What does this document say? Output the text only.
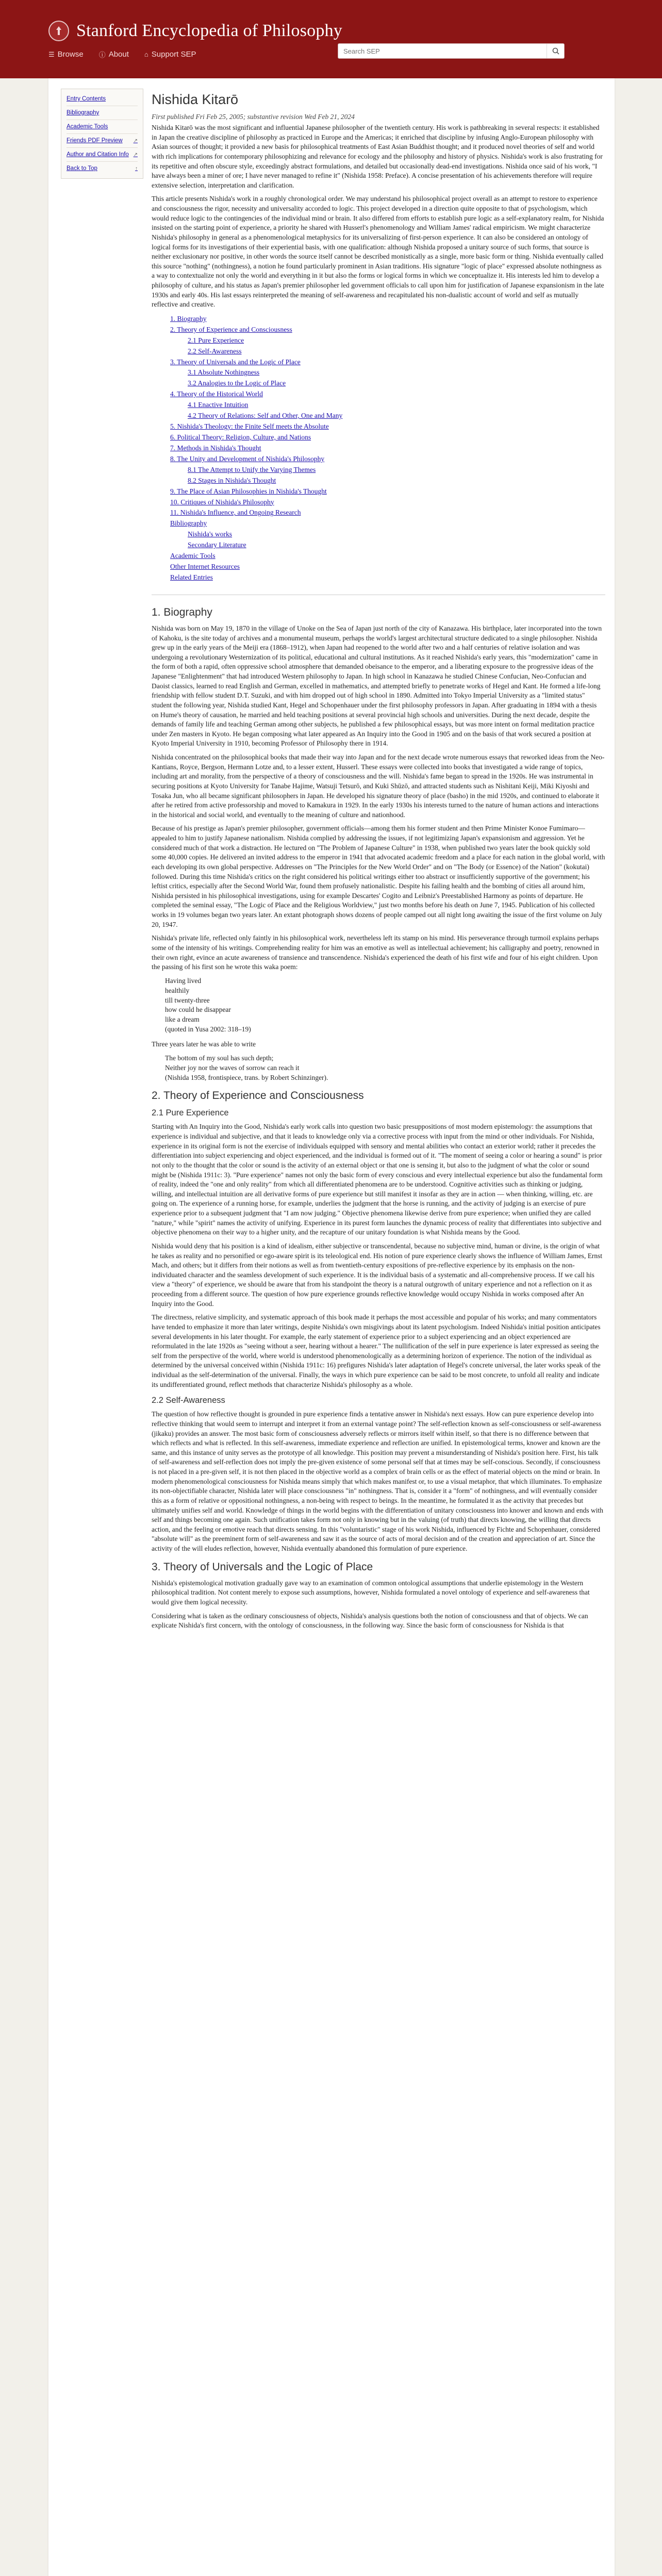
Stanford Encyclopedia of Philosophy
☰ Browse ⓘ About ⌂ Support SEP
Search SEP
Entry Contents
Bibliography
Academic Tools
Friends PDF Preview ↗
Author and Citation Info ↗
Back to Top	↑
Nishida Kitarō
First published Fri Feb 25, 2005; substantive revision Wed Feb 21, 2024

Nishida Kitarō was the most significant and influential Japanese philosopher of the twentieth century. His work is pathbreaking in several respects: it established in Japan the creative discipline of philosophy as practiced in Europe and the Americas; it enriched that discipline by infusing Anglo-European philosophy with Asian sources of thought; it provided a new basis for philosophical treatments of East Asian Buddhist thought; and it produced novel theories of self and world with rich implications for contemporary philosophizing and relevance for ecology and the philosophy and history of physics. Nishida's work is also frustrating for its repetitive and often obscure style, exceedingly abstract formulations, and detailed but occasionally dead-end investigations. Nishida once said of his work, "I have always been a miner of ore; I have never managed to refine it" (Nishida 1958: Preface). A concise presentation of his achievements therefore will require extensive selection, interpretation and clarification.

This article presents Nishida's work in a roughly chronological order. We may understand his philosophical project overall as an attempt to restore to experience and consciousness the rigor, necessity and universality accorded to logic. This project developed in a direction quite opposite to that of psychologism, which would reduce logic to the contingencies of the individual mind or brain. It also differed from efforts to establish pure logic as a self-explanatory realm, for Nishida insisted on the starting point of experience, a priority he shared with Husserl's phenomenology and William James' radical empiricism. We might characterize Nishida's philosophy in general as a phenomenological metaphysics for its universalizing of first-person experience. It can also be considered an ontology of logical forms for its investigations of their experiential basis, with one qualification: although Nishida proposed a unitary source of such forms, that source is neither exclusionary nor positive, in other words the source itself cannot be described monistically as a single, more basic form or thing. Nishida eventually called this source "nothing" (nothingness), a notion he found particularly prominent in Asian traditions. His signature "logic of place" expressed absolute nothingness as a way to contextualize not only the world and everything in it but also the forms or logical forms in which we conceptualize it. His interests led him to develop a philosophy of culture, and his status as Japan's premier philosopher led government officials to call upon him for justification of Japanese expansionism in the late 1930s and early 40s. His last essays reinterpreted the meaning of self-awareness and recapitulated his non-dualistic account of world and self as mutually reflective and creative.

1. Biography
2. Theory of Experience and Consciousness
2.1 Pure Experience
2.2 Self-Awareness
3. Theory of Universals and the Logic of Place
3.1 Absolute Nothingness
3.2 Analogies to the Logic of Place
4. Theory of the Historical World
4.1 Enactive Intuition
4.2 Theory of Relations: Self and Other, One and Many
5. Nishida's Theology: the Finite Self meets the Absolute
6. Political Theory: Religion, Culture, and Nations
7. Methods in Nishida's Thought
8. The Unity and Development of Nishida's Philosophy
8.1 The Attempt to Unify the Varying Themes
8.2 Stages in Nishida's Thought
9. The Place of Asian Philosophies in Nishida's Thought
10. Critiques of Nishida's Philosophy
11. Nishida's Influence, and Ongoing Research
Bibliography
Nishida's works
Secondary Literature
Academic Tools
Other Internet Resources
Related Entries
1. Biography

Nishida was born on May 19, 1870 in the village of Unoke on the Sea of Japan just north of the city of Kanazawa. His birthplace, later incorporated into the town of Kahoku, is the site today of archives and a monumental museum, perhaps the world's largest architectural structure dedicated to a single philosopher. Nishida grew up in the early years of the Meiji era (1868–1912), when Japan had reopened to the world after two and a half centuries of relative isolation and was undergoing a revolutionary Westernization of its political, educational and cultural institutions. As it reached Nishida's early years, this "modernization" came in the form of both a rapid, often oppressive school atmosphere that demanded obeisance to the emperor, and a liberating exposure to the progressive ideas of the Japanese "Enlightenment" that had introduced Western philosophy to Japan. In high school in Kanazawa he studied Chinese Confucian, Neo-Confucian and Daoist classics, learned to read English and German, excelled in mathematics, and attempted briefly to penetrate works of Hegel and Kant. He formed a life-long friendship with fellow student D.T. Suzuki, and with him dropped out of high school in 1890. Admitted into Tokyo Imperial University as a "limited status" student the following year, Nishida studied Kant, Hegel and Schopenhauer under the first philosophy professors in Japan. After graduating in 1894 with a thesis on Hume's theory of causation, he married and held teaching positions at several provincial high schools and universities. During the next decade, despite the demands of family life and teaching German among other subjects, he published a few philosophical essays, but was more intent on formal meditation practice under Zen masters in Kyoto. He began composing what later appeared as An Inquiry into the Good in 1905 and on the basis of that work secured a position at Kyoto Imperial University in 1910, becoming Professor of Philosophy there in 1914.

Nishida concentrated on the philosophical books that made their way into Japan and for the next decade wrote numerous essays that reworked ideas from the Neo-Kantians, Royce, Bergson, Hermann Lotze and, to a lesser extent, Husserl. These essays were collected into books that investigated a wide range of topics, including art and morality, from the perspective of a theory of consciousness and the will. Nishida's fame began to spread in the 1920s. He was instrumental in securing positions at Kyoto University for Tanabe Hajime, Watsuji Tetsurō, and Kuki Shūzō, and attracted students such as Nishitani Keiji, Miki Kiyoshi and Tosaka Jun, who all became significant philosophers in Japan. He developed his signature theory of place (basho) in the mid 1920s, and continued to elaborate it after he retired from active professorship and moved to Kamakura in 1929. In the early 1930s his interests turned to the nature of human actions and interactions in the historical and social world, and eventually to the meaning of culture and nationhood.

Because of his prestige as Japan's premier philosopher, government officials—among them his former student and then Prime Minister Konoe Fumimaro—appealed to him to justify Japanese nationalism. Nishida complied by addressing the issues, if not legitimizing Japan's expansionism and aggression. Yet he considered much of that work a distraction. He lectured on "The Problem of Japanese Culture" in 1938, when published two years later the book quickly sold some 40,000 copies. He delivered an invited address to the emperor in 1941 that advocated academic freedom and a place for each nation in the global world, with each developing its own global perspective. Addresses on "The Principles for the New World Order" and on "The Body (or Essence) of the Nation" (kokutai) followed. During this time Nishida's critics on the right considered his political writings either too abstract or insufficiently supportive of the government; his leftist critics, especially after the Second World War, found them profusely nationalistic. Despite his failing health and the bombing of cities all around him, Nishida persisted in his philosophical investigations, using for example Descartes' Cogito and Leibniz's Preestablished Harmony as points of departure. He completed the seminal essay, "The Logic of Place and the Religious Worldview," just two months before his death on June 7, 1945. Publication of his collected works in 19 volumes began two years later. An extant photograph shows dozens of people camped out all night long awaiting the issue of the first volume on July 20, 1947.

Nishida's private life, reflected only faintly in his philosophical work, nevertheless left its stamp on his mind. His perseverance through turmoil explains perhaps some of the intensity of his writings. Comprehending reality for him was an emotive as well as intellectual achievement; his calligraphy and poetry, renowned in their own right, evince an acute awareness of transience and transcendence. Nishida's experienced the death of his first wife and four of his eight children. Upon the passing of his first son he wrote this waka poem:

Having lived
healthily
till twenty-three
how could he disappear
like a dream
(quoted in Yusa 2002: 318–19)

Three years later he was able to write

The bottom of my soul has such depth;
Neither joy nor the waves of sorrow can reach it
(Nishida 1958, frontispiece, trans. by Robert Schinzinger).
2. Theory of Experience and Consciousness
2.1 Pure Experience

Starting with An Inquiry into the Good, Nishida's early work calls into question two basic presuppositions of most modern epistemology: the assumptions that experience is individual and subjective, and that it leads to knowledge only via a corrective process with input from the mind or other individuals. For Nishida, experience in its original form is not the exercise of individuals equipped with sensory and mental abilities who contact an exterior world; rather it precedes the differentiation into subject experiencing and object experienced, and the individual is formed out of it. "The moment of seeing a color or hearing a sound" is prior not only to the thought that the color or sound is the activity of an external object or that one is sensing it, but also to the judgment of what the color or sound might be (Nishida 1911c: 3). "Pure experience" names not only the basic form of every conscious and every intellectual experience but also the fundamental form of reality, indeed the "one and only reality" from which all differentiated phenomena are to be understood. Cognitive activities such as thinking or judging, willing, and intellectual intuition are all derivative forms of pure experience but still manifest it insofar as they are in action — when thinking, willing, etc. are going on. The experience of a running horse, for example, underlies the judgment that the horse is running, and the activity of judging is an exercise of pure experience prior to a subsequent judgment that "I am now judging." Objective phenomena likewise derive from pure experience; when unified they are called "nature," while "spirit" names the activity of unifying. Experience in its purest form launches the dynamic process of reality that differentiates into subjective and objective phenomena on their way to a higher unity, and the recapture of our unitary foundation is what Nishida means by the Good.

Nishida would deny that his position is a kind of idealism, either subjective or transcendental, because no subjective mind, human or divine, is the origin of what he takes as reality and no personified or ego-aware spirit is its teleological end. His notion of pure experience clearly shows the influence of William James, Ernst Mach, and others; but it differs from their notions as well as from twentieth-century expositions of pre-reflective experience by its emphasis on the non-individuated character and the seamless development of such experience. It is the individual basis of a systematic and all-comprehensive process. If we call his view a "theory" of experience, we should be aware that from his standpoint the theory is a natural outgrowth of unitary experience and not a reflection on it as proceeding from a different source. The question of how pure experience grounds reflective knowledge would occupy Nishida in works composed after An Inquiry into the Good.

The directness, relative simplicity, and systematic approach of this book made it perhaps the most accessible and popular of his works; and many commentators have tended to emphasize it more than later writings, despite Nishida's own misgivings about its latent psychologism. Indeed Nishida's initial position anticipates several developments in his later thought. For example, the early statement of experience prior to a subject experiencing and an object experienced are reformulated in the late 1920s as "seeing without a seer, hearing without a hearer." The nullification of the self in pure experience is later expressed as seeing the self from the perspective of the world, where world is understood phenomenologically as a determining horizon of experience. The notion of the individual as determined by the universal conceived within (Nishida 1911c: 16) prefigures Nishida's later adaptation of Hegel's concrete universal, the later works speak of the individual as the self-determination of the universal. Finally, the ways in which pure experience can be said to be most concrete, to unfold all reality and indicate its undifferentiated ground, reflect methods that characterize Nishida's philosophy as a whole.

2.2 Self-Awareness

The question of how reflective thought is grounded in pure experience finds a tentative answer in Nishida's next essays. How can pure experience develop into reflective thinking that would seem to interrupt and interpret it from an external vantage point? The self-reflection known as self-consciousness or self-awareness (jikaku) provides an answer. The most basic form of consciousness adversely reflects or mirrors itself within itself, so that there is no difference between that which reflects and what is reflected. In this self-awareness, immediate experience and reflection are unified. In epistemological terms, knower and known are the same, and this instance of unity serves as the prototype of all knowledge. This position may prevent a misunderstanding of Nishida's position here. First, his talk of self-awareness and self-reflection does not imply the pre-given existence of some personal self that at times may be self-conscious. Secondly, if consciousness is not placed in a pre-given self, it is not then placed in the objective world as a complex of brain cells or as the effect of material objects on the mind or brain. In modern phenomenological consciousness for Nishida means simply that which makes manifest or, to use a visual metaphor, that which illuminates. To emphasize its non-objectifiable character, Nishida later will place consciousness "in" nothingness. That is, consider it a "form" of nothingness, and will eventually consider this as a form of relative or oppositional nothingness, a non-being with respect to beings. In the meantime, he formulated it as the activity that precedes but ultimately unifies self and world. Knowledge of things in the world begins with the differentiation of unitary consciousness into knower and known and ends with self and things becoming one again. Such unification takes form not only in knowing but in the valuing (of truth) that directs knowing, the willing that directs action, and the feeling or emotive reach that directs sensing. In this "voluntaristic" stage of his work Nishida, influenced by Fichte and Schopenhauer, considered "absolute will" as the preeminent form of self-awareness and saw it as the source of acts of moral decision and of the creation and appreciation of art. Since the activity of the will eludes reflection, however, Nishida eventually abandoned this formulation of pure experience.

3. Theory of Universals and the Logic of Place

Nishida's epistemological motivation gradually gave way to an examination of common ontological assumptions that underlie epistemology in the Western philosophical tradition. Not content merely to expose such assumptions, however, Nishida formulated a novel ontology of experience and self-awareness that would give them logical necessity.

Considering what is taken as the ordinary consciousness of objects, Nishida's analysis questions both the notion of consciousness and that of objects. We can explicate Nishida's first concern, with the ontology of consciousness, in the following way. Since the basic form of consciousness for Nishida is that
